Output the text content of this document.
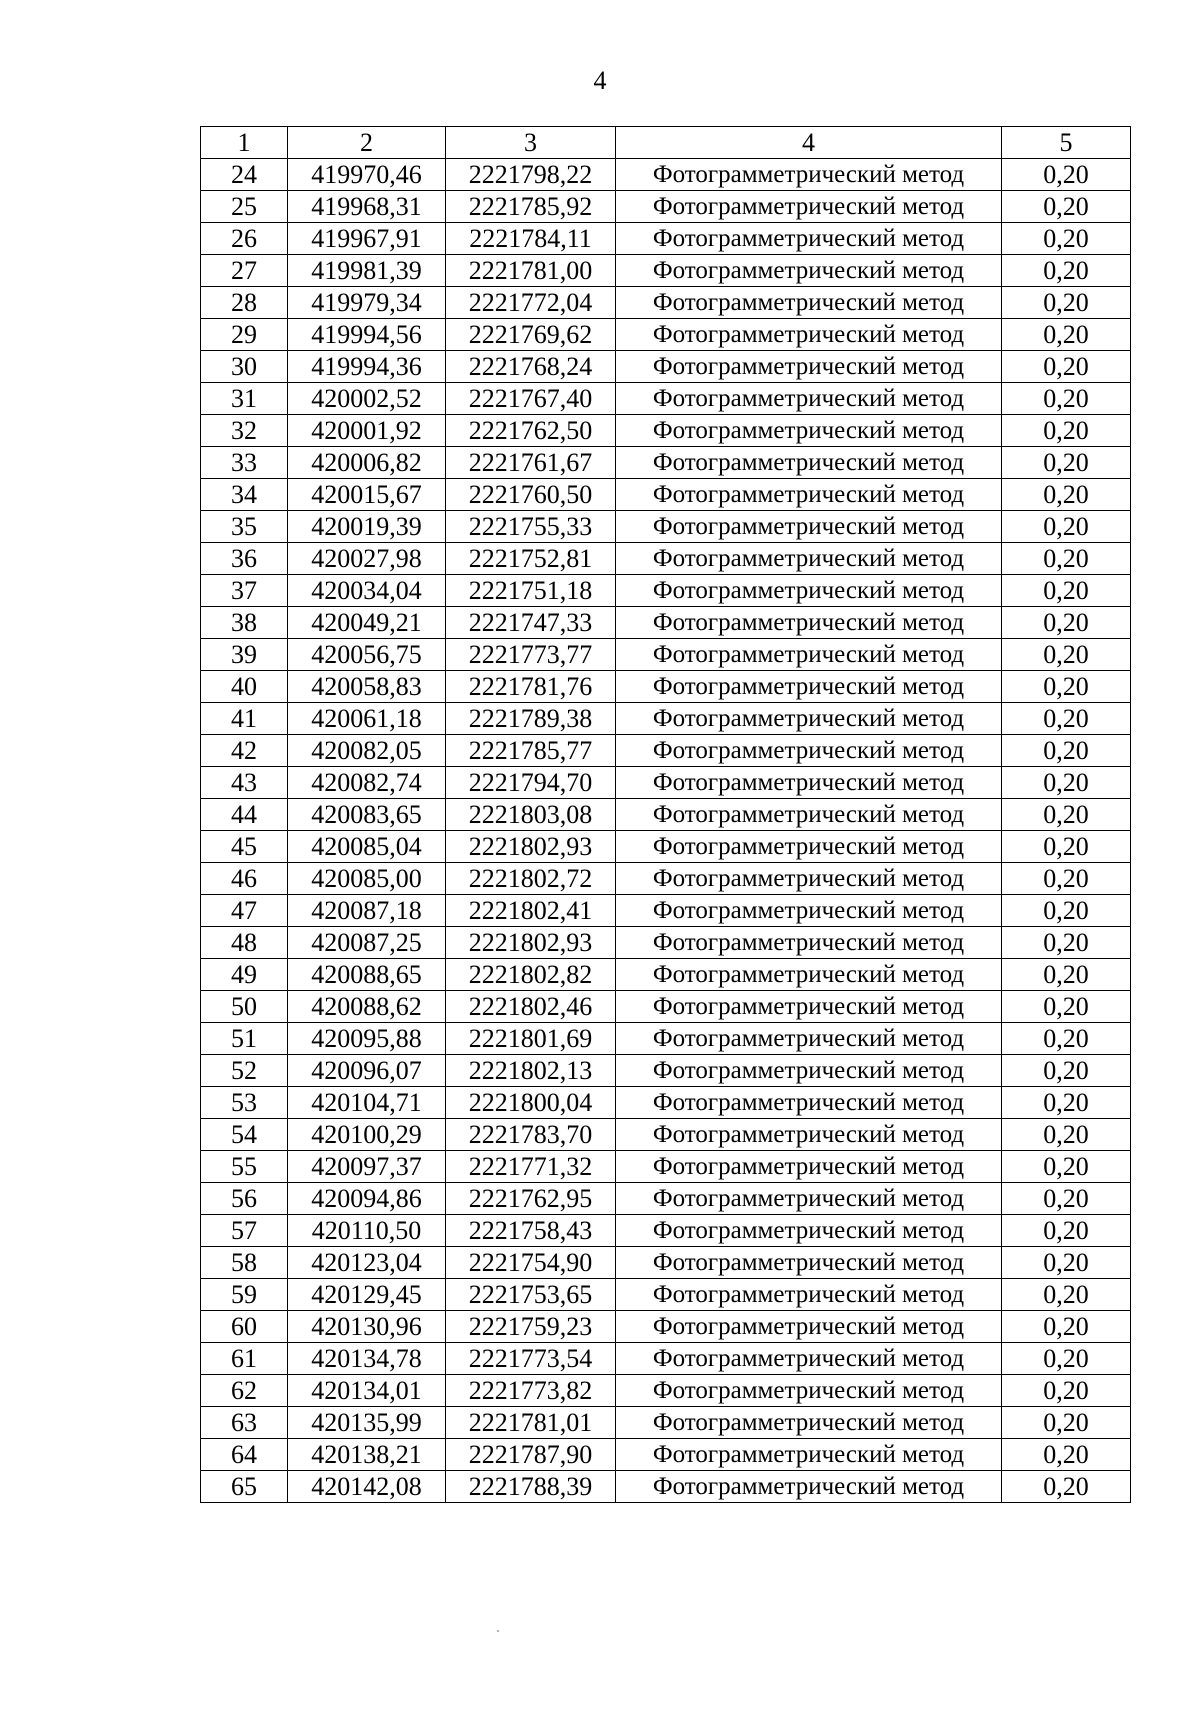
4
1	2	3	4	5
24	419970,46	2221798,22	Фотограмметрический метод	0,20
25	419968,31	2221785,92	Фотограмметрический метод	0,20
26	419967,91	2221784,11	Фотограмметрический метод	0,20
27	419981,39	2221781,00	Фотограмметрический метод	0,20
28	419979,34	2221772,04	Фотограмметрический метод	0,20
29	419994,56	2221769,62	Фотограмметрический метод	0,20
30	419994,36	2221768,24	Фотограмметрический метод	0,20
31	420002,52	2221767,40	Фотограмметрический метод	0,20
32	420001,92	2221762,50	Фотограмметрический метод	0,20
33	420006,82	2221761,67	Фотограмметрический метод	0,20
34	420015,67	2221760,50	Фотограмметрический метод	0,20
35	420019,39	2221755,33	Фотограмметрический метод	0,20
36	420027,98	2221752,81	Фотограмметрический метод	0,20
37	420034,04	2221751,18	Фотограмметрический метод	0,20
38	420049,21	2221747,33	Фотограмметрический метод	0,20
39	420056,75	2221773,77	Фотограмметрический метод	0,20
40	420058,83	2221781,76	Фотограмметрический метод	0,20
41	420061,18	2221789,38	Фотограмметрический метод	0,20
42	420082,05	2221785,77	Фотограмметрический метод	0,20
43	420082,74	2221794,70	Фотограмметрический метод	0,20
44	420083,65	2221803,08	Фотограмметрический метод	0,20
45	420085,04	2221802,93	Фотограмметрический метод	0,20
46	420085,00	2221802,72	Фотограмметрический метод	0,20
47	420087,18	2221802,41	Фотограмметрический метод	0,20
48	420087,25	2221802,93	Фотограмметрический метод	0,20
49	420088,65	2221802,82	Фотограмметрический метод	0,20
50	420088,62	2221802,46	Фотограмметрический метод	0,20
51	420095,88	2221801,69	Фотограмметрический метод	0,20
52	420096,07	2221802,13	Фотограмметрический метод	0,20
53	420104,71	2221800,04	Фотограмметрический метод	0,20
54	420100,29	2221783,70	Фотограмметрический метод	0,20
55	420097,37	2221771,32	Фотограмметрический метод	0,20
56	420094,86	2221762,95	Фотограмметрический метод	0,20
57	420110,50	2221758,43	Фотограмметрический метод	0,20
58	420123,04	2221754,90	Фотограмметрический метод	0,20
59	420129,45	2221753,65	Фотограмметрический метод	0,20
60	420130,96	2221759,23	Фотограмметрический метод	0,20
61	420134,78	2221773,54	Фотограмметрический метод	0,20
62	420134,01	2221773,82	Фотограмметрический метод	0,20
63	420135,99	2221781,01	Фотограмметрический метод	0,20
64	420138,21	2221787,90	Фотограмметрический метод	0,20
65	420142,08	2221788,39	Фотограмметрический метод	0,20
